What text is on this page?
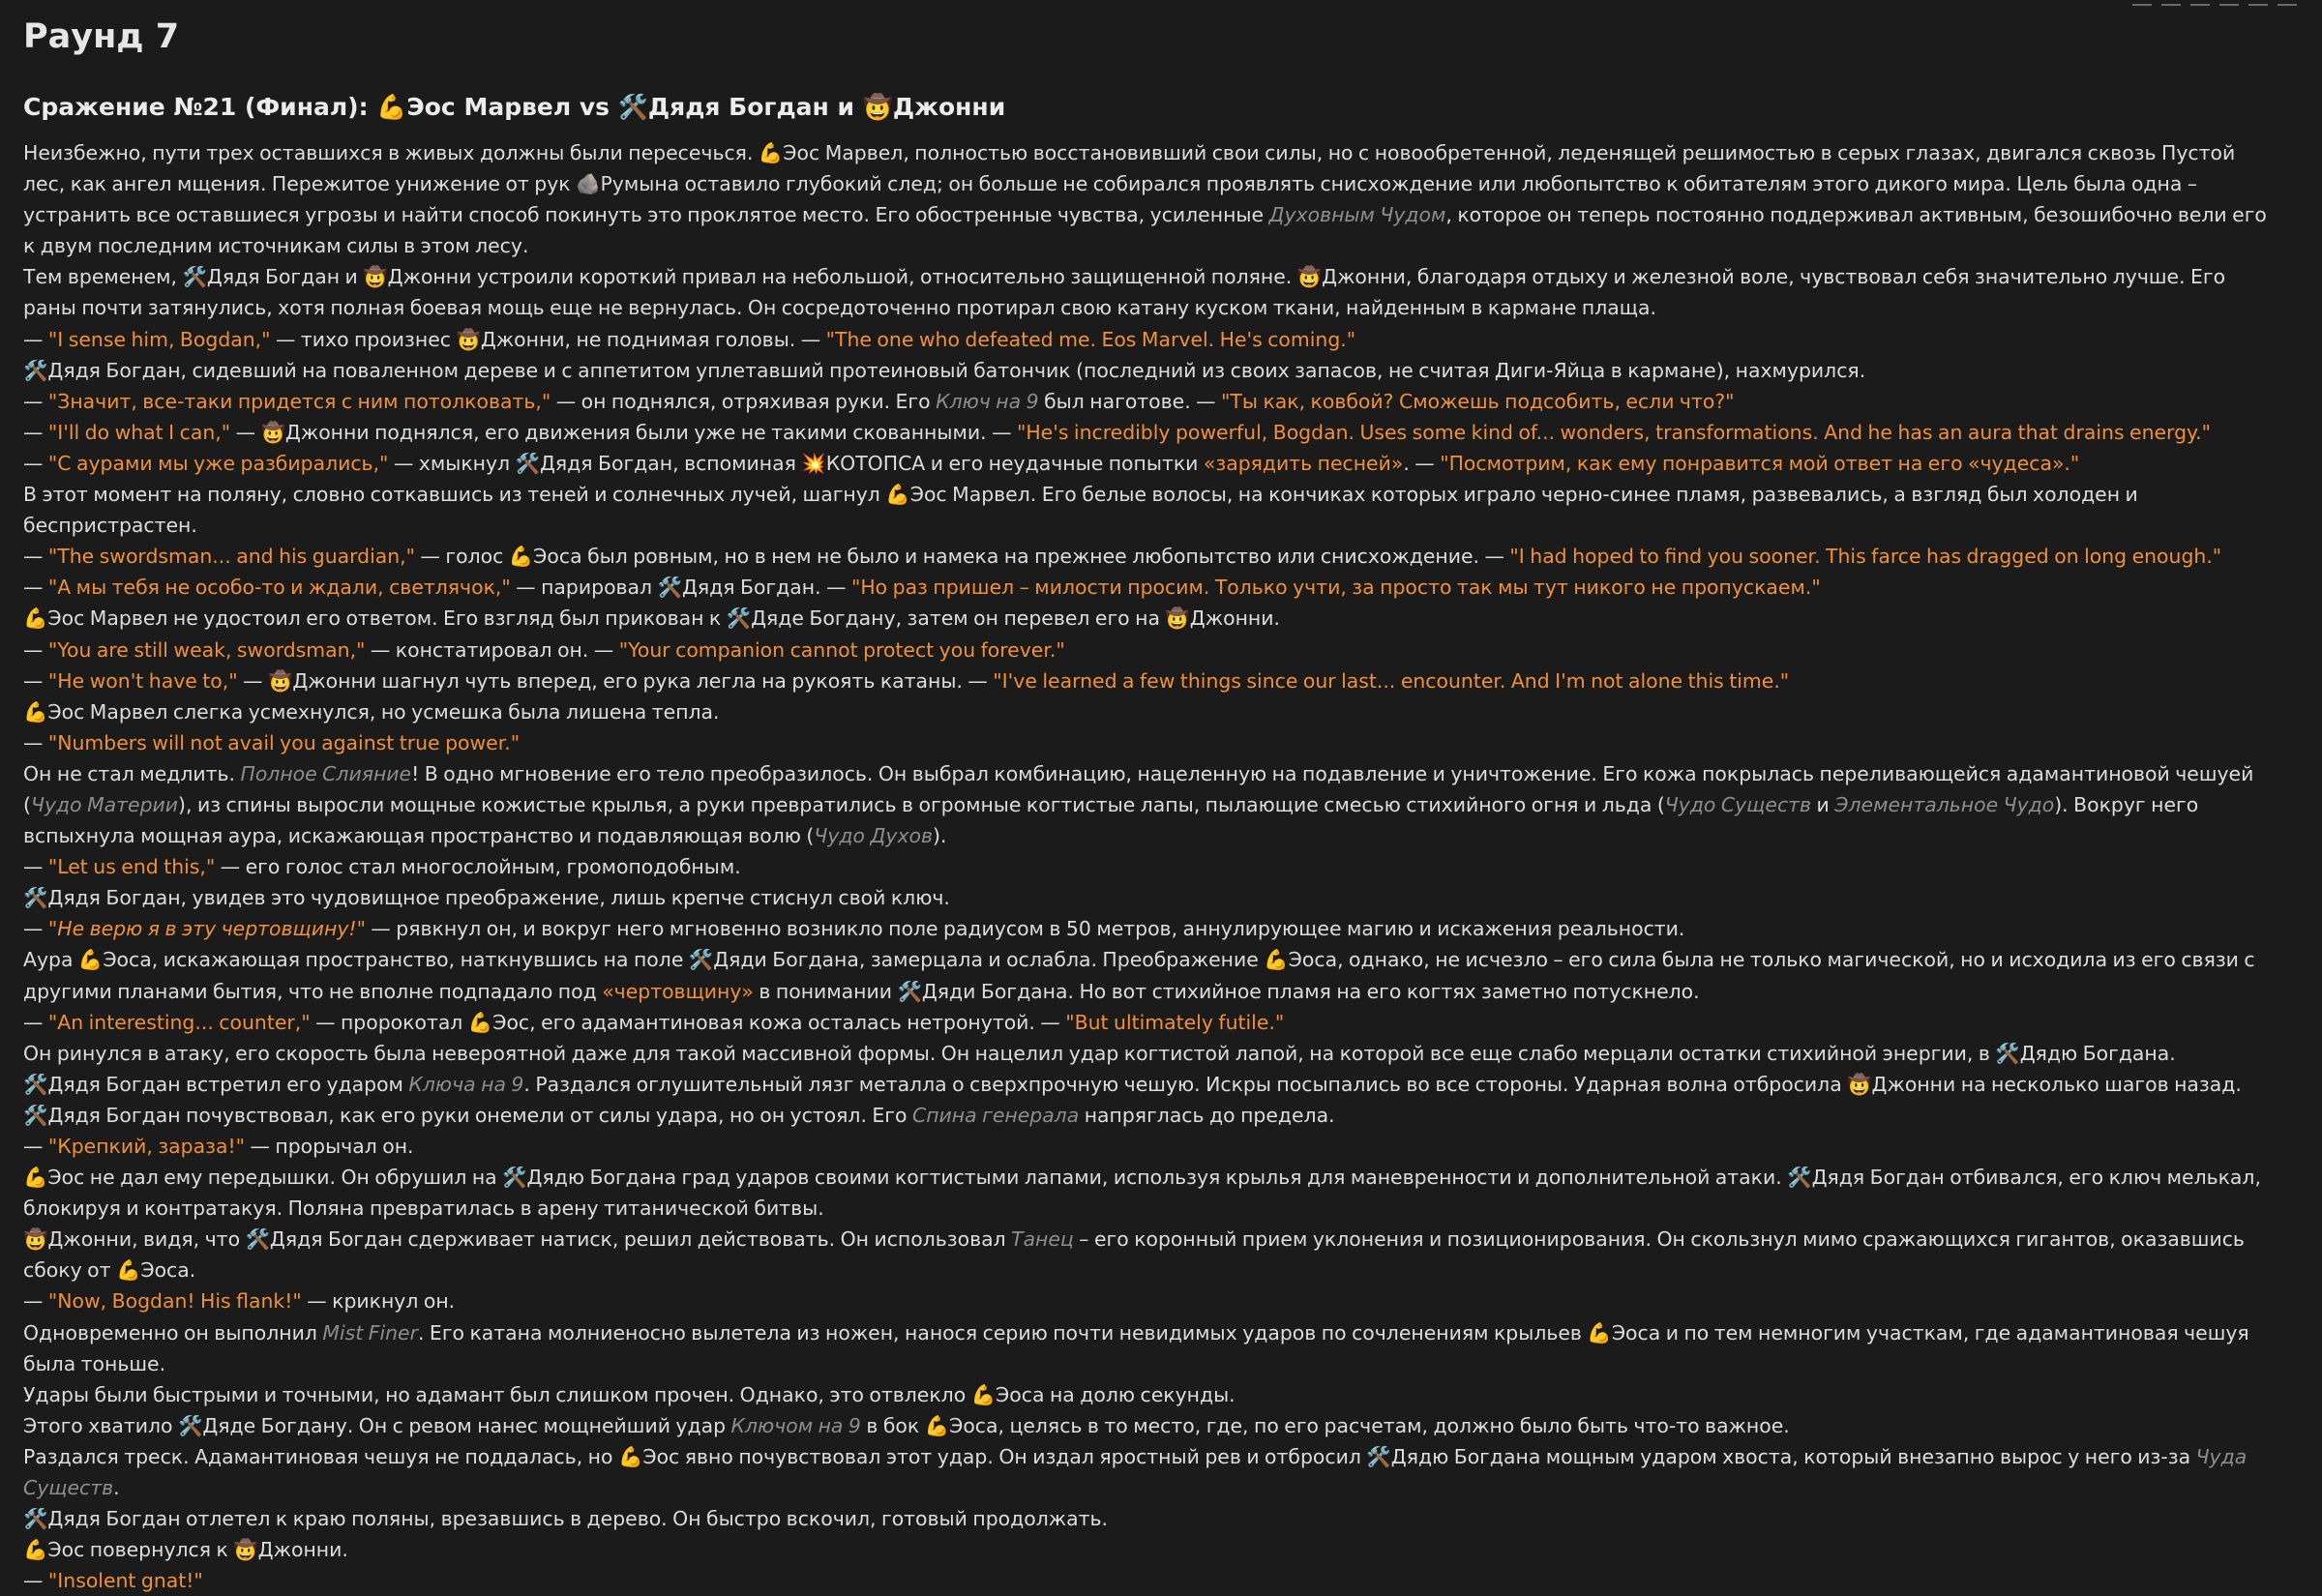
Раунд 7
Сражение №21 (Финал): 💪Эос Марвел vs 🛠️Дядя Богдан и 🤠Джонни

Неизбежно, пути трех оставшихся в живых должны были пересечься. 💪Эос Марвел, полностью восстановивший свои силы, но с новообретенной, леденящей решимостью в серых глазах, двигался сквозь Пустой лес, как ангел мщения. Пережитое унижение от рук 🪨Румына оставило глубокий след; он больше не собирался проявлять снисхождение или любопытство к обитателям этого дикого мира. Цель была одна – устранить все оставшиеся угрозы и найти способ покинуть это проклятое место. Его обостренные чувства, усиленные Духовным Чудом, которое он теперь постоянно поддерживал активным, безошибочно вели его к двум последним источникам силы в этом лесу.

Тем временем, 🛠️Дядя Богдан и 🤠Джонни устроили короткий привал на небольшой, относительно защищенной поляне. 🤠Джонни, благодаря отдыху и железной воле, чувствовал себя значительно лучше. Его раны почти затянулись, хотя полная боевая мощь еще не вернулась. Он сосредоточенно протирал свою катану куском ткани, найденным в кармане плаща.

— "I sense him, Bogdan," — тихо произнес 🤠Джонни, не поднимая головы. — "The one who defeated me. Eos Marvel. He's coming."

🛠️Дядя Богдан, сидевший на поваленном дереве и с аппетитом уплетавший протеиновый батончик (последний из своих запасов, не считая Диги-Яйца в кармане), нахмурился.

— "Значит, все-таки придется с ним потолковать," — он поднялся, отряхивая руки. Его Ключ на 9 был наготове. — "Ты как, ковбой? Сможешь подсобить, если что?"

— "I'll do what I can," — 🤠Джонни поднялся, его движения были уже не такими скованными. — "He's incredibly powerful, Bogdan. Uses some kind of... wonders, transformations. And he has an aura that drains energy."

— "С аурами мы уже разбирались," — хмыкнул 🛠️Дядя Богдан, вспоминая 💥КОТОПСА и его неудачные попытки «зарядить песней». — "Посмотрим, как ему понравится мой ответ на его «чудеса»."

В этот момент на поляну, словно соткавшись из теней и солнечных лучей, шагнул 💪Эос Марвел. Его белые волосы, на кончиках которых играло черно-синее пламя, развевались, а взгляд был холоден и беспристрастен.

— "The swordsman... and his guardian," — голос 💪Эоса был ровным, но в нем не было и намека на прежнее любопытство или снисхождение. — "I had hoped to find you sooner. This farce has dragged on long enough."

— "А мы тебя не особо-то и ждали, светлячок," — парировал 🛠️Дядя Богдан. — "Но раз пришел – милости просим. Только учти, за просто так мы тут никого не пропускаем."

💪Эос Марвел не удостоил его ответом. Его взгляд был прикован к 🛠️Дяде Богдану, затем он перевел его на 🤠Джонни.

— "You are still weak, swordsman," — констатировал он. — "Your companion cannot protect you forever."

— "He won't have to," — 🤠Джонни шагнул чуть вперед, его рука легла на рукоять катаны. — "I've learned a few things since our last... encounter. And I'm not alone this time."

💪Эос Марвел слегка усмехнулся, но усмешка была лишена тепла.

— "Numbers will not avail you against true power."

Он не стал медлить. Полное Слияние! В одно мгновение его тело преобразилось. Он выбрал комбинацию, нацеленную на подавление и уничтожение. Его кожа покрылась переливающейся адамантиновой чешуей (Чудо Материи), из спины выросли мощные кожистые крылья, а руки превратились в огромные когтистые лапы, пылающие смесью стихийного огня и льда (Чудо Существ и Элементальное Чудо). Вокруг него вспыхнула мощная аура, искажающая пространство и подавляющая волю (Чудо Духов).

— "Let us end this," — его голос стал многослойным, громоподобным.

🛠️Дядя Богдан, увидев это чудовищное преображение, лишь крепче стиснул свой ключ.

— "Не верю я в эту чертовщину!" — рявкнул он, и вокруг него мгновенно возникло поле радиусом в 50 метров, аннулирующее магию и искажения реальности.

Аура 💪Эоса, искажающая пространство, наткнувшись на поле 🛠️Дяди Богдана, замерцала и ослабла. Преображение 💪Эоса, однако, не исчезло – его сила была не только магической, но и исходила из его связи с другими планами бытия, что не вполне подпадало под «чертовщину» в понимании 🛠️Дяди Богдана. Но вот стихийное пламя на его когтях заметно потускнело.

— "An interesting... counter," — пророкотал 💪Эос, его адамантиновая кожа осталась нетронутой. — "But ultimately futile."

Он ринулся в атаку, его скорость была невероятной даже для такой массивной формы. Он нацелил удар когтистой лапой, на которой все еще слабо мерцали остатки стихийной энергии, в 🛠️Дядю Богдана.

🛠️Дядя Богдан встретил его ударом Ключа на 9. Раздался оглушительный лязг металла о сверхпрочную чешую. Искры посыпались во все стороны. Ударная волна отбросила 🤠Джонни на несколько шагов назад.

🛠️Дядя Богдан почувствовал, как его руки онемели от силы удара, но он устоял. Его Спина генерала напряглась до предела.

— "Крепкий, зараза!" — прорычал он.

💪Эос не дал ему передышки. Он обрушил на 🛠️Дядю Богдана град ударов своими когтистыми лапами, используя крылья для маневренности и дополнительной атаки. 🛠️Дядя Богдан отбивался, его ключ мелькал, блокируя и контратакуя. Поляна превратилась в арену титанической битвы.

🤠Джонни, видя, что 🛠️Дядя Богдан сдерживает натиск, решил действовать. Он использовал Танец – его коронный прием уклонения и позиционирования. Он скользнул мимо сражающихся гигантов, оказавшись сбоку от 💪Эоса.

— "Now, Bogdan! His flank!" — крикнул он.

Одновременно он выполнил Mist Finer. Его катана молниеносно вылетела из ножен, нанося серию почти невидимых ударов по сочленениям крыльев 💪Эоса и по тем немногим участкам, где адамантиновая чешуя была тоньше.

Удары были быстрыми и точными, но адамант был слишком прочен. Однако, это отвлекло 💪Эоса на долю секунды.

Этого хватило 🛠️Дяде Богдану. Он с ревом нанес мощнейший удар Ключом на 9 в бок 💪Эоса, целясь в то место, где, по его расчетам, должно было быть что-то важное.

Раздался треск. Адамантиновая чешуя не поддалась, но 💪Эос явно почувствовал этот удар. Он издал яростный рев и отбросил 🛠️Дядю Богдана мощным ударом хвоста, который внезапно вырос у него из-за Чуда Существ.

🛠️Дядя Богдан отлетел к краю поляны, врезавшись в дерево. Он быстро вскочил, готовый продолжать.

💪Эос повернулся к 🤠Джонни.

— "Insolent gnat!"
